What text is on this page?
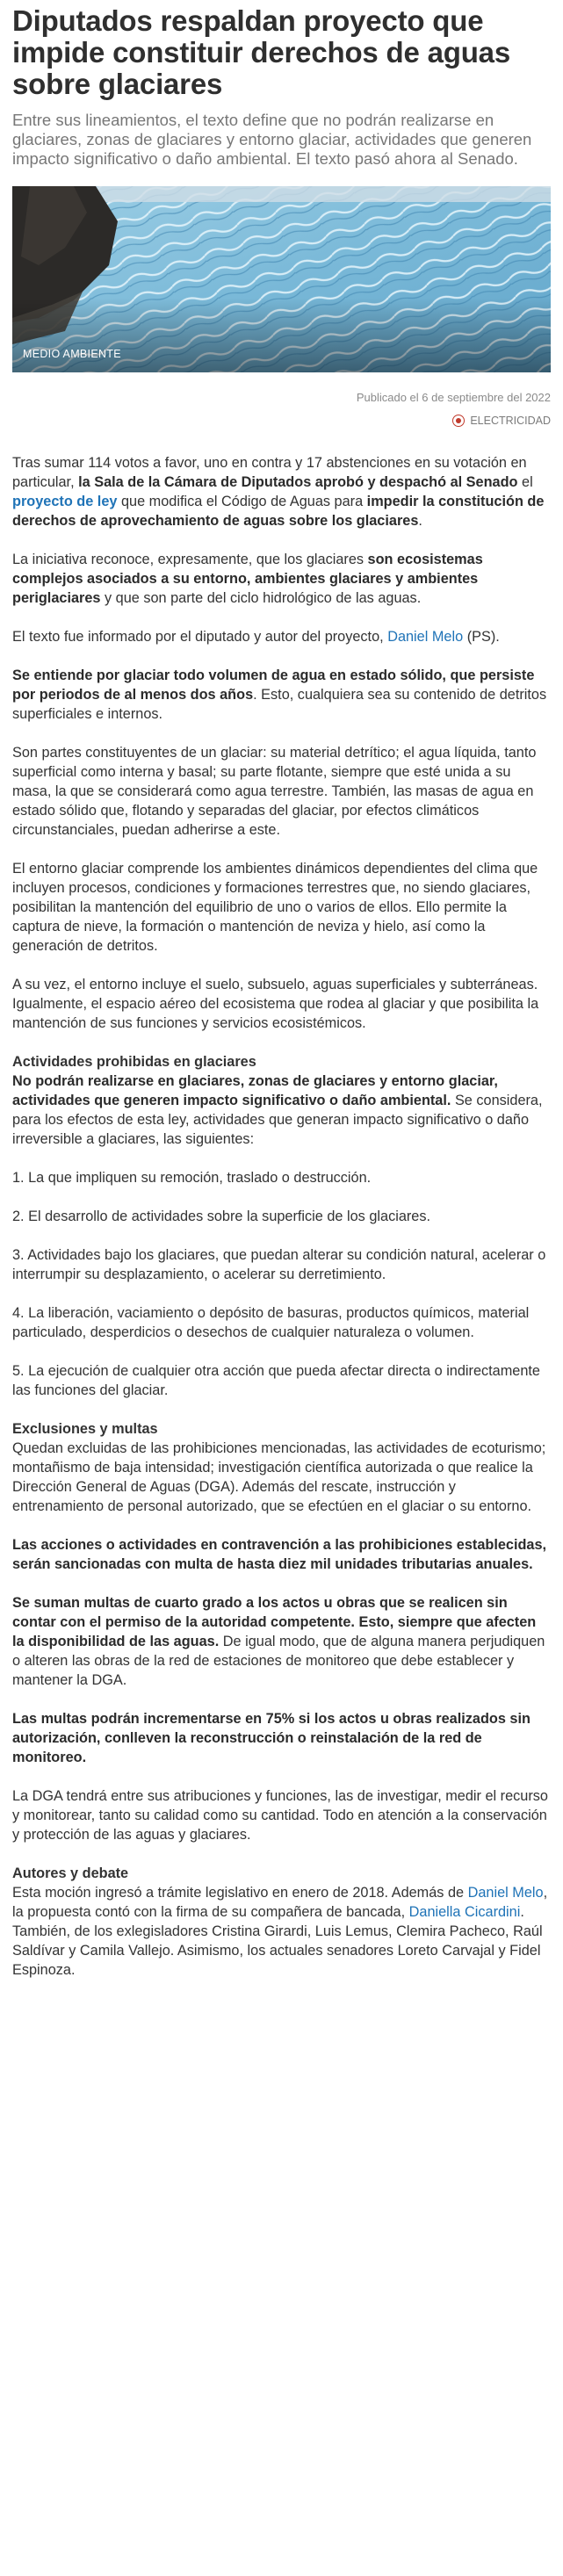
Diputados respaldan proyecto que impide constituir derechos de aguas sobre glaciares
Entre sus lineamientos, el texto define que no podrán realizarse en glaciares, zonas de glaciares y entorno glaciar, actividades que generen impacto significativo o daño ambiental. El texto pasó ahora al Senado.
MEDIO AMBIENTE
Publicado el 6 de septiembre del 2022
ELECTRICIDAD

Tras sumar 114 votos a favor, uno en contra y 17 abstenciones en su votación en particular, la Sala de la Cámara de Diputados aprobó y despachó al Senado el proyecto de ley que modifica el Código de Aguas para impedir la constitución de derechos de aprovechamiento de aguas sobre los glaciares.

La iniciativa reconoce, expresamente, que los glaciares son ecosistemas complejos asociados a su entorno, ambientes glaciares y ambientes periglaciares y que son parte del ciclo hidrológico de las aguas.

El texto fue informado por el diputado y autor del proyecto, Daniel Melo (PS).

Se entiende por glaciar todo volumen de agua en estado sólido, que persiste por periodos de al menos dos años. Esto, cualquiera sea su contenido de detritos superficiales e internos.

Son partes constituyentes de un glaciar: su material detrítico; el agua líquida, tanto superficial como interna y basal; su parte flotante, siempre que esté unida a su masa, la que se considerará como agua terrestre. También, las masas de agua en estado sólido que, flotando y separadas del glaciar, por efectos climáticos circunstanciales, puedan adherirse a este.

El entorno glaciar comprende los ambientes dinámicos dependientes del clima que incluyen procesos, condiciones y formaciones terrestres que, no siendo glaciares, posibilitan la mantención del equilibrio de uno o varios de ellos. Ello permite la captura de nieve, la formación o mantención de neviza y hielo, así como la generación de detritos.

A su vez, el entorno incluye el suelo, subsuelo, aguas superficiales y subterráneas. Igualmente, el espacio aéreo del ecosistema que rodea al glaciar y que posibilita la mantención de sus funciones y servicios ecosistémicos.

Actividades prohibidas en glaciares
No podrán realizarse en glaciares, zonas de glaciares y entorno glaciar, actividades que generen impacto significativo o daño ambiental. Se considera, para los efectos de esta ley, actividades que generan impacto significativo o daño irreversible a glaciares, las siguientes:

1. La que impliquen su remoción, traslado o destrucción.

2. El desarrollo de actividades sobre la superficie de los glaciares.

3. Actividades bajo los glaciares, que puedan alterar su condición natural, acelerar o interrumpir su desplazamiento, o acelerar su derretimiento.

4. La liberación, vaciamiento o depósito de basuras, productos químicos, material particulado, desperdicios o desechos de cualquier naturaleza o volumen.

5. La ejecución de cualquier otra acción que pueda afectar directa o indirectamente las funciones del glaciar.

Exclusiones y multas
Quedan excluidas de las prohibiciones mencionadas, las actividades de ecoturismo; montañismo de baja intensidad; investigación científica autorizada o que realice la Dirección General de Aguas (DGA). Además del rescate, instrucción y entrenamiento de personal autorizado, que se efectúen en el glaciar o su entorno.

Las acciones o actividades en contravención a las prohibiciones establecidas, serán sancionadas con multa de hasta diez mil unidades tributarias anuales.

Se suman multas de cuarto grado a los actos u obras que se realicen sin contar con el permiso de la autoridad competente. Esto, siempre que afecten la disponibilidad de las aguas. De igual modo, que de alguna manera perjudiquen o alteren las obras de la red de estaciones de monitoreo que debe establecer y mantener la DGA.

Las multas podrán incrementarse en 75% si los actos u obras realizados sin autorización, conlleven la reconstrucción o reinstalación de la red de monitoreo.

La DGA tendrá entre sus atribuciones y funciones, las de investigar, medir el recurso y monitorear, tanto su calidad como su cantidad. Todo en atención a la conservación y protección de las aguas y glaciares.

Autores y debate
Esta moción ingresó a trámite legislativo en enero de 2018. Además de Daniel Melo, la propuesta contó con la firma de su compañera de bancada, Daniella Cicardini. También, de los exlegisladores Cristina Girardi, Luis Lemus, Clemira Pacheco, Raúl Saldívar y Camila Vallejo. Asimismo, los actuales senadores Loreto Carvajal y Fidel Espinoza.
